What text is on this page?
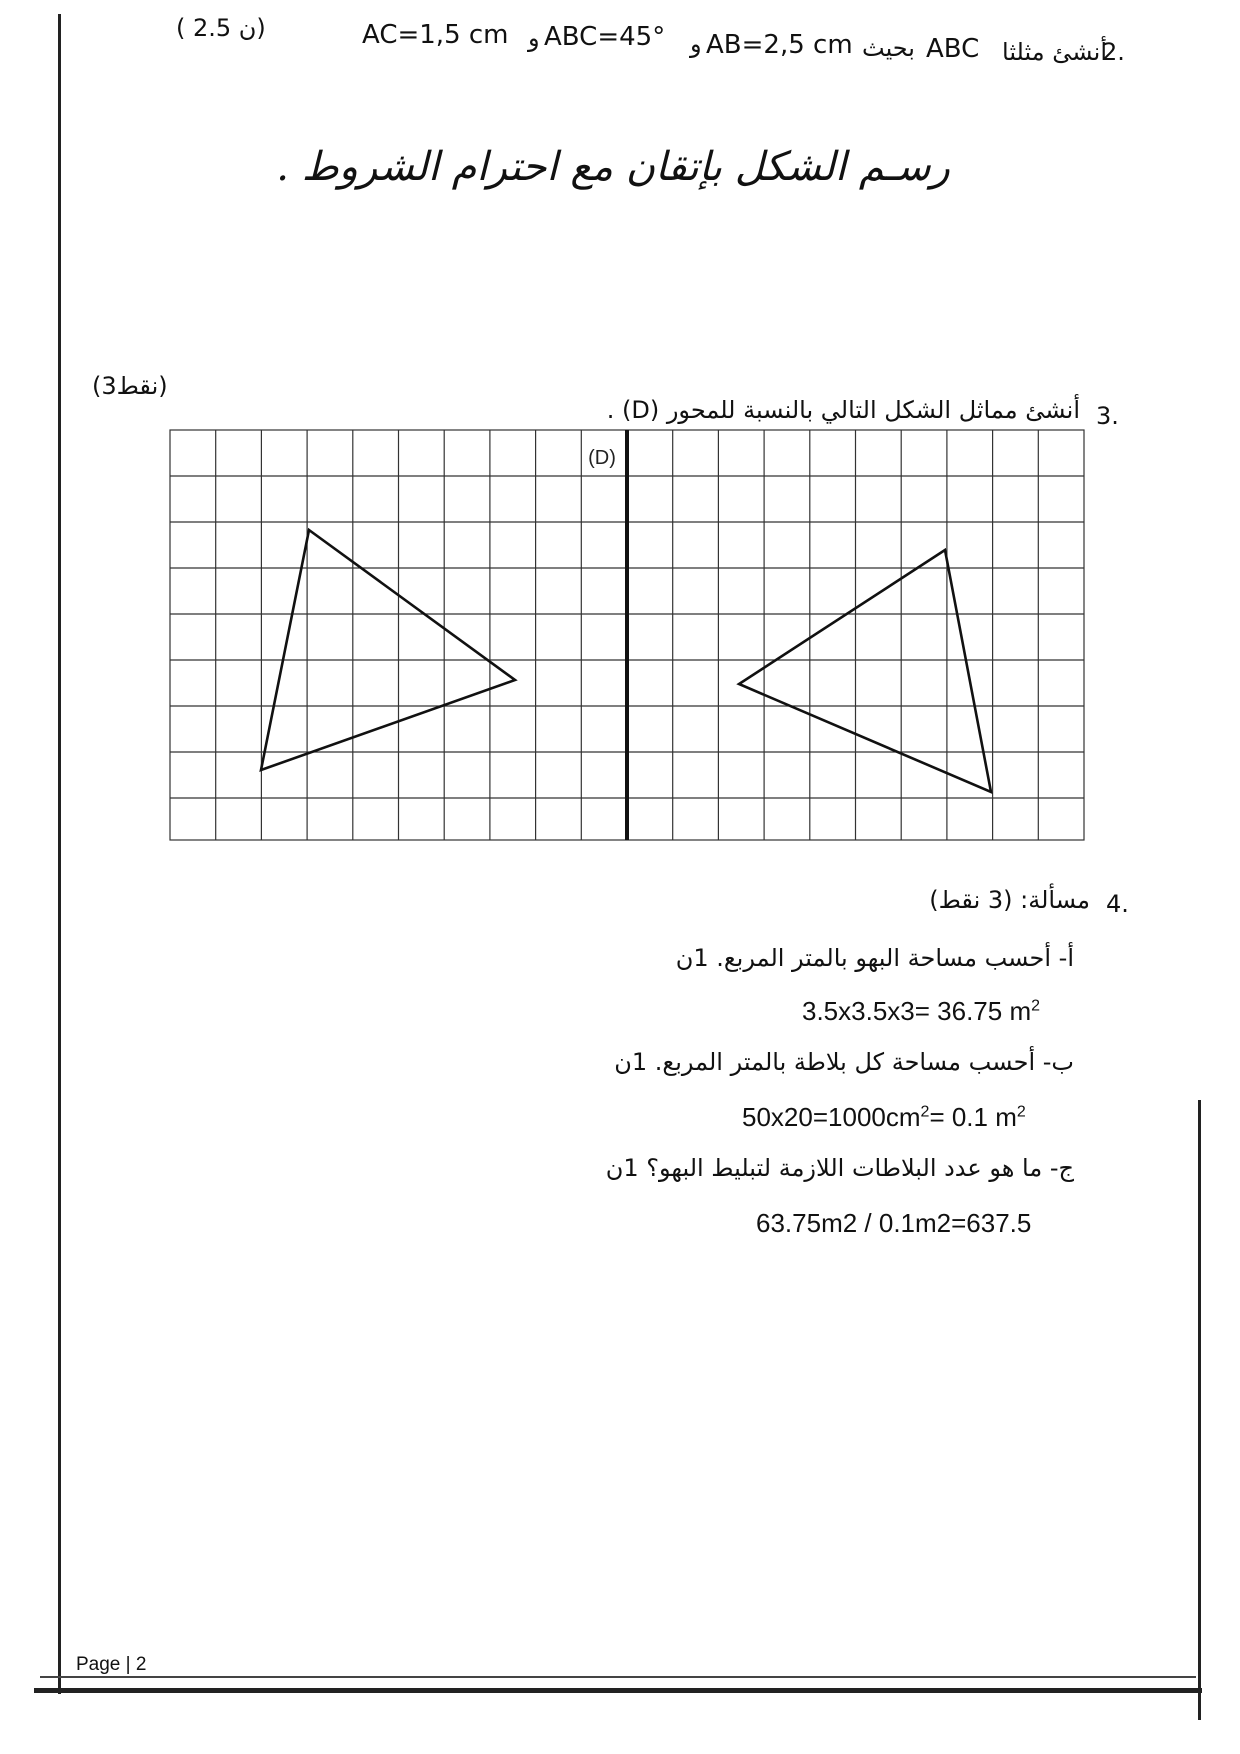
( 2.5 ن)	AC=1,5 cm و ABC=45° و AB=2,5 cm بحيث ABC أنشئ مثلثا
2.
رسـم الشكل بإتقان مع احترام الشروط .
(3نقط)
أنشئ مماثل الشكل التالي بالنسبة للمحور (D) . 3.
(D)
مسألة: (3 نقط) 4.
أ- أحسب مساحة البهو بالمتر المربع. 1ن
3.5x3.5x3= 36.75 $m^2$
ب- أحسب مساحة كل بلاطة بالمتر المربع. 1ن
$50x20=1000cm^2= 0.1$ $m^2$
ج- ما هو عدد البلاطات اللازمة لتبليط البهو؟ 1ن
63.75m2 / 0.1m2=637.5
Page | 2
